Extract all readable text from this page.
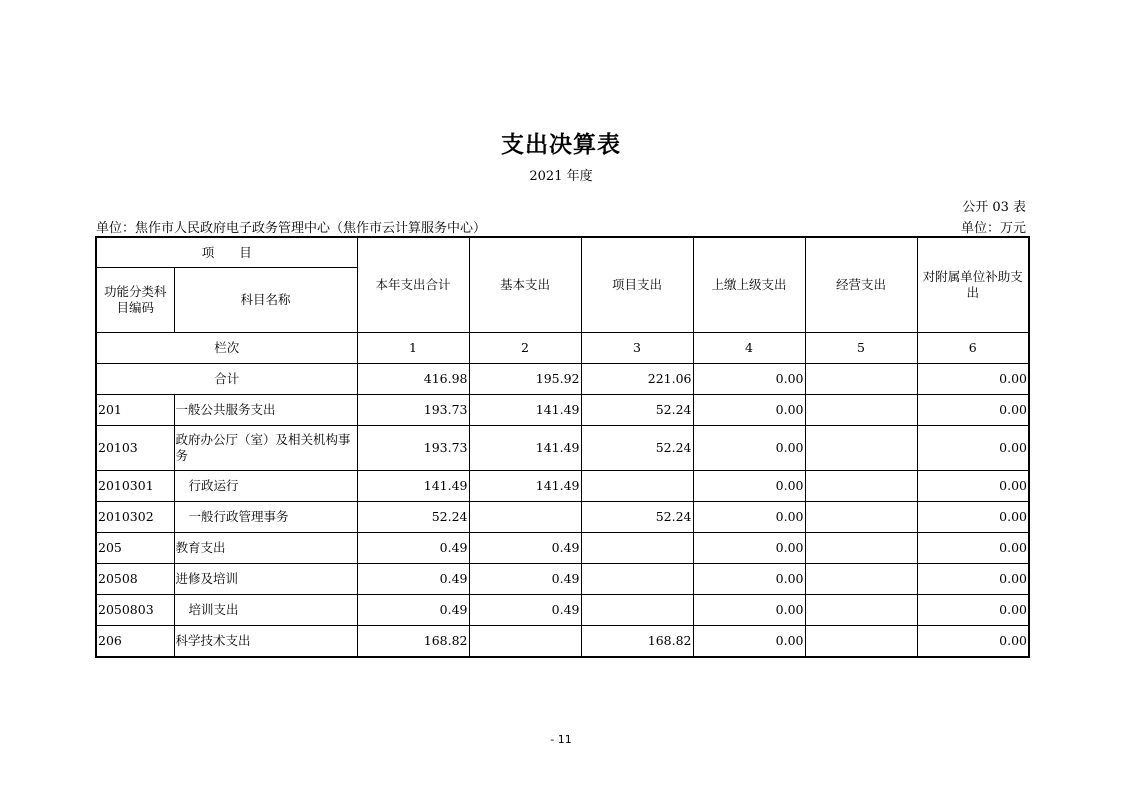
支出决算表
2021 年度
公开 03 表
单位：焦作市人民政府电子政务管理中心（焦作市云计算服务中心）	单位：万元
项　　目		本年支出合计	基本支出	项目支出	上缴上级支出	经营支出	对附属单位补助支出
功能分类科目编码	科目名称						
栏次		1	2	3	4	5	6
合计		416.98	195.92	221.06	0.00		0.00
201	一般公共服务支出	193.73	141.49	52.24	0.00		0.00
20103	政府办公厅（室）及相关机构事务	193.73	141.49	52.24	0.00		0.00
2010301	行政运行	141.49	141.49		0.00		0.00
2010302	一般行政管理事务	52.24		52.24	0.00		0.00
205	教育支出	0.49	0.49		0.00		0.00
20508	进修及培训	0.49	0.49		0.00		0.00
2050803	培训支出	0.49	0.49		0.00		0.00
206	科学技术支出	168.82		168.82	0.00		0.00
- 11
